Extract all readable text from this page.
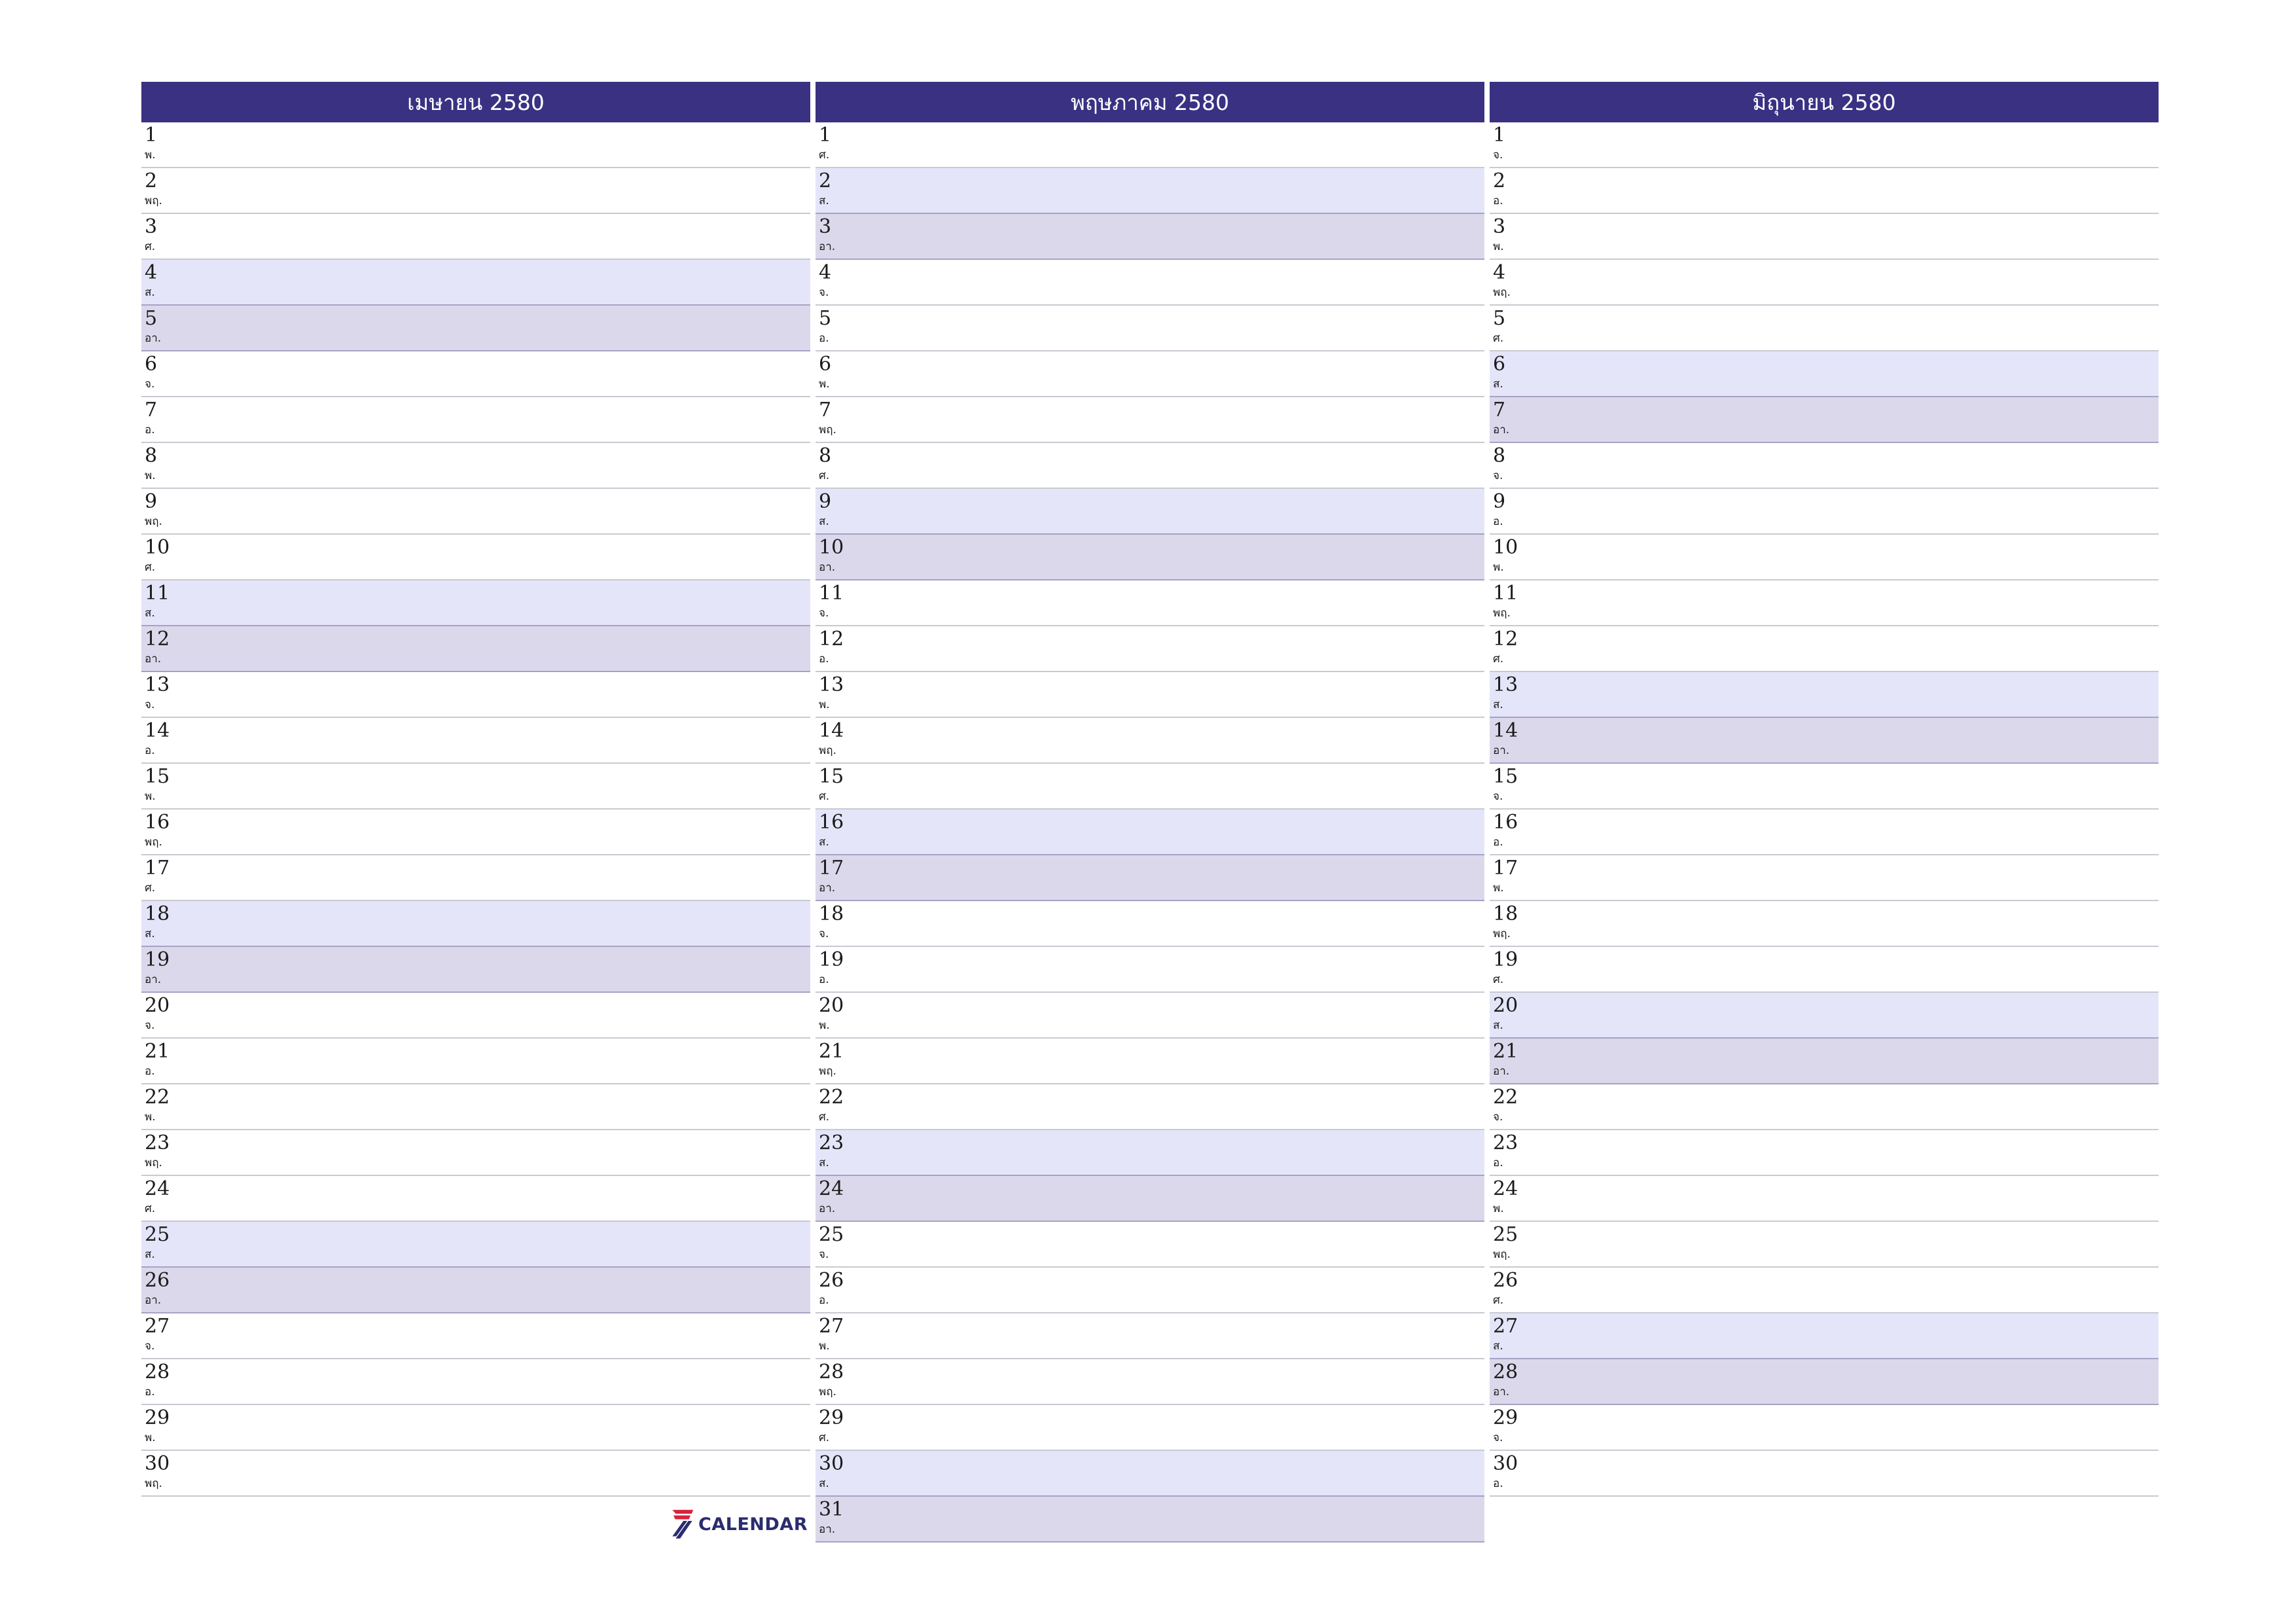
เมษายน 2580
1
พ.
2
พฤ.
3
ศ.
4
ส.
5
อา.
6
จ.
7
อ.
8
พ.
9
พฤ.
10
ศ.
11
ส.
12
อา.
13
จ.
14
อ.
15
พ.
16
พฤ.
17
ศ.
18
ส.
19
อา.
20
จ.
21
อ.
22
พ.
23
พฤ.
24
ศ.
25
ส.
26
อา.
27
จ.
28
อ.
29
พ.
30
พฤ.
พฤษภาคม 2580
1
ศ.
2
ส.
3
อา.
4
จ.
5
อ.
6
พ.
7
พฤ.
8
ศ.
9
ส.
10
อา.
11
จ.
12
อ.
13
พ.
14
พฤ.
15
ศ.
16
ส.
17
อา.
18
จ.
19
อ.
20
พ.
21
พฤ.
22
ศ.
23
ส.
24
อา.
25
จ.
26
อ.
27
พ.
28
พฤ.
29
ศ.
30
ส.
31
อา.
มิถุนายน 2580
1
จ.
2
อ.
3
พ.
4
พฤ.
5
ศ.
6
ส.
7
อา.
8
จ.
9
อ.
10
พ.
11
พฤ.
12
ศ.
13
ส.
14
อา.
15
จ.
16
อ.
17
พ.
18
พฤ.
19
ศ.
20
ส.
21
อา.
22
จ.
23
อ.
24
พ.
25
พฤ.
26
ศ.
27
ส.
28
อา.
29
จ.
30
อ.
CALENDAR
